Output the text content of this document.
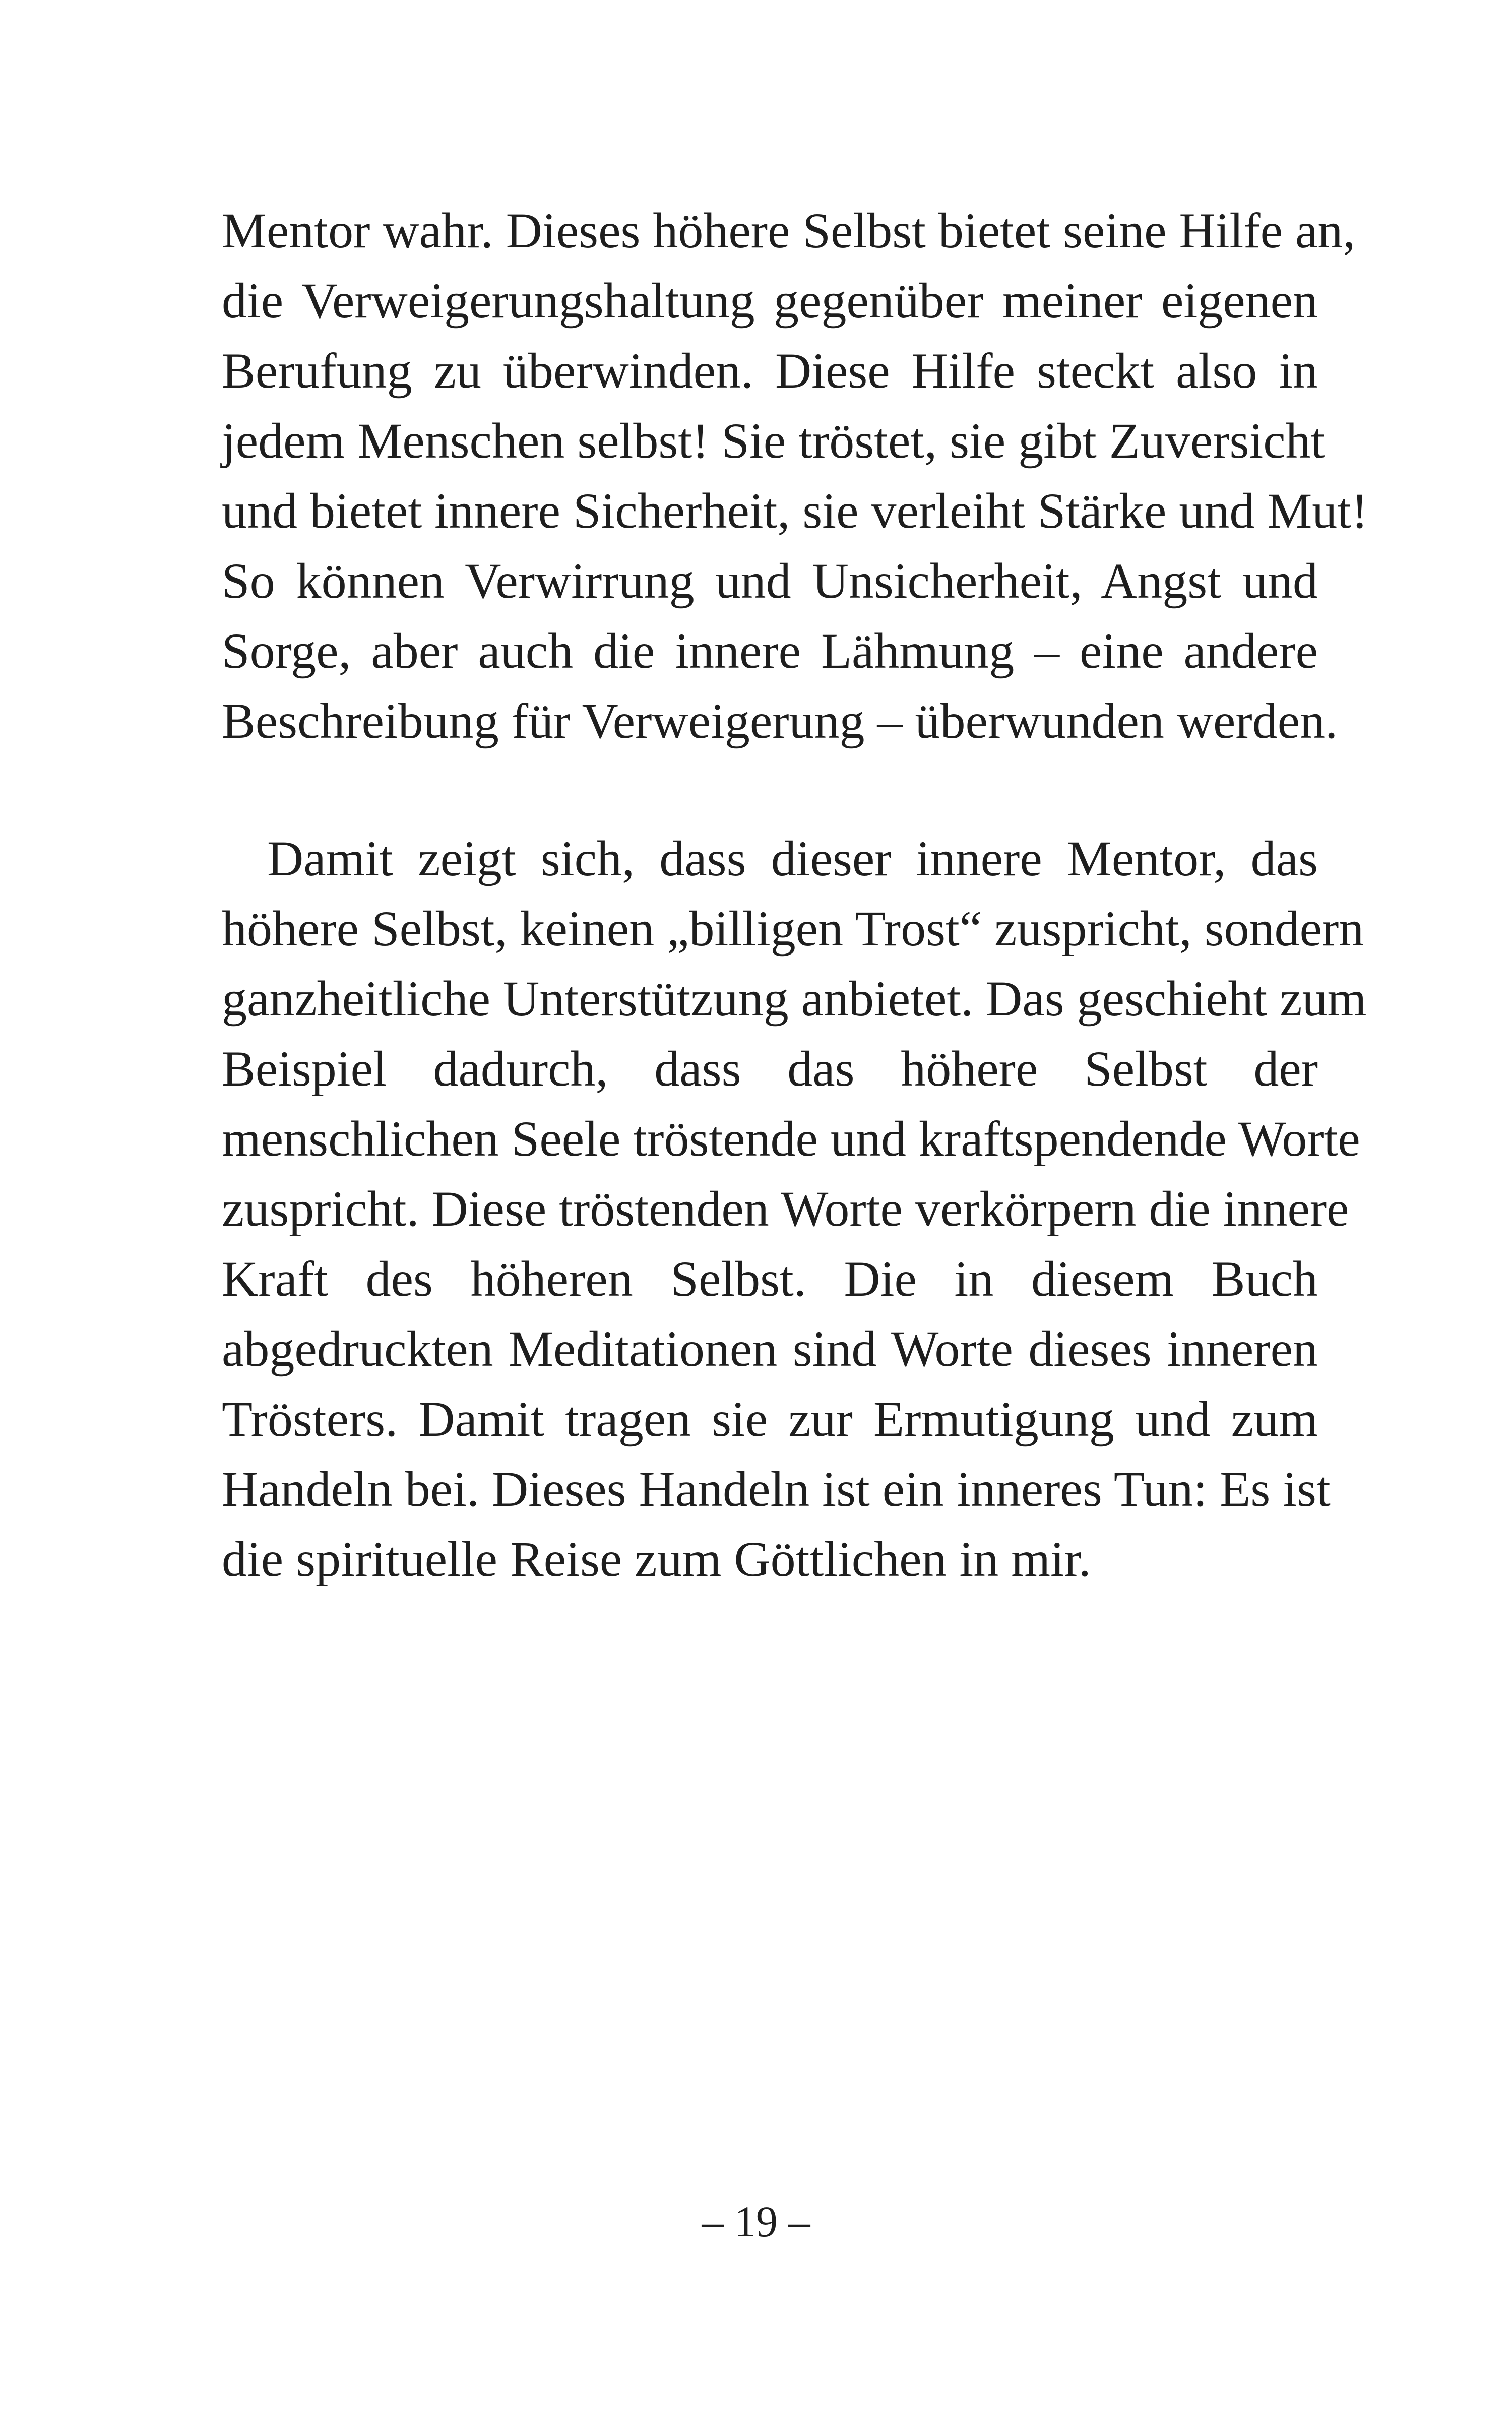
Mentor wahr. Dieses höhere Selbst bietet seine Hilfe an,
die Verweigerungshaltung gegenüber meiner eigenen
Berufung zu überwinden. Diese Hilfe steckt also in
jedem Menschen selbst! Sie tröstet, sie gibt Zuversicht
und bietet innere Sicherheit, sie verleiht Stärke und Mut!
So können Verwirrung und Unsicherheit, Angst und
Sorge, aber auch die innere Lähmung – eine andere
Beschreibung für Verweigerung – überwunden werden.
Damit zeigt sich, dass dieser innere Mentor, das
höhere Selbst, keinen „billigen Trost“ zuspricht, sondern
ganzheitliche Unterstützung anbietet. Das geschieht zum
Beispiel dadurch, dass das höhere Selbst der
menschlichen Seele tröstende und kraftspendende Worte
zuspricht. Diese tröstenden Worte verkörpern die innere
Kraft des höheren Selbst. Die in diesem Buch
abgedruckten Meditationen sind Worte dieses inneren
Trösters. Damit tragen sie zur Ermutigung und zum
Handeln bei. Dieses Handeln ist ein inneres Tun: Es ist
die spirituelle Reise zum Göttlichen in mir.
– 19 –
